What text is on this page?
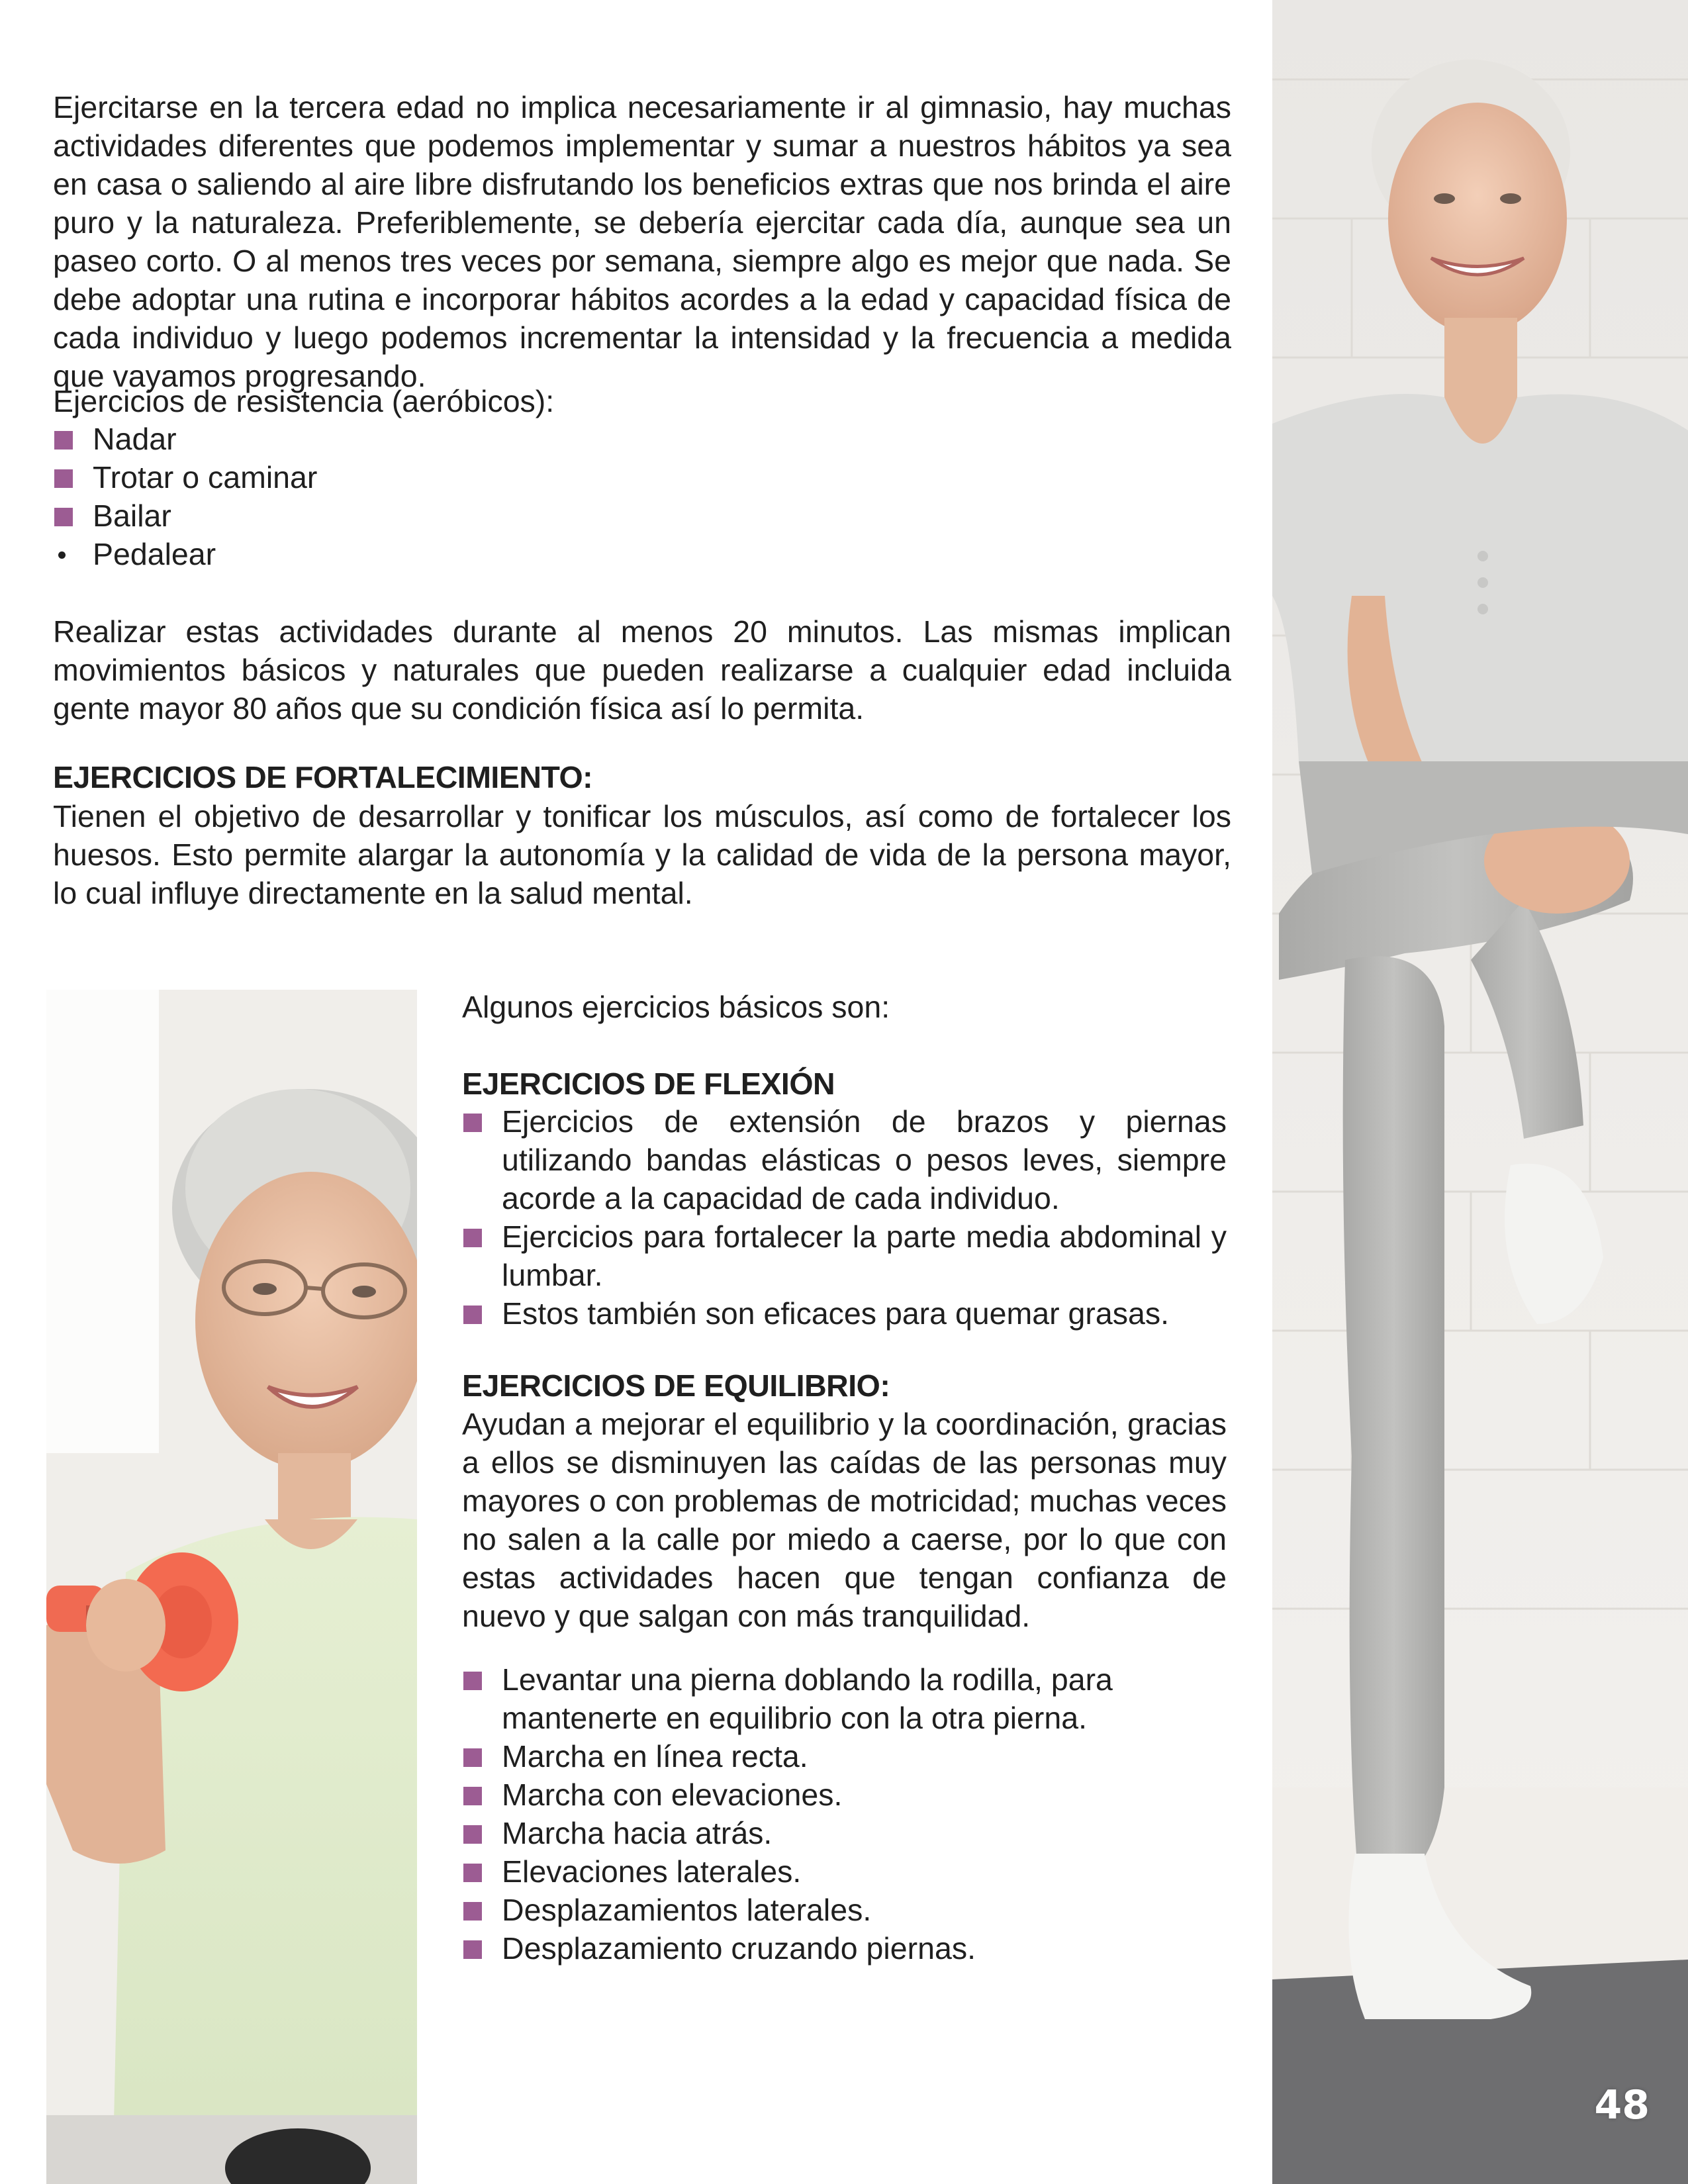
Ejercitarse en la tercera edad no implica necesariamente ir al gimnasio, hay muchas actividades diferentes que podemos implementar y sumar a nuestros hábitos ya sea en casa o saliendo al aire libre disfrutando los beneficios extras que nos brinda el aire puro y la naturaleza. Preferiblemente, se debería ejercitar cada día, aunque sea un paseo corto. O al menos tres veces por semana, siempre algo es mejor que nada. Se debe adoptar una rutina e incorporar hábitos acordes a la edad y capacidad física de cada individuo y luego podemos incrementar la intensidad y la frecuencia a medida que vayamos progresando.

Ejercicios de resistencia (aeróbicos):
Nadar
Trotar o caminar
Bailar
Pedalear

Realizar estas actividades durante al menos 20 minutos. Las mismas implican movimientos básicos y naturales que pueden realizarse a cualquier edad incluida gente mayor 80 años que su condición física así lo permita.

EJERCICIOS DE FORTALECIMIENTO:

Tienen el objetivo de desarrollar y tonificar los músculos, así como de fortalecer los huesos. Esto permite alargar la autonomía y la calidad de vida de la persona mayor, lo cual influye directamente en la salud mental.

Algunos ejercicios básicos son:
EJERCICIOS DE FLEXIÓN
Ejercicios de extensión de brazos y piernas utilizando bandas elásticas o pesos leves, siempre acorde a la capacidad de cada individuo.
Ejercicios para fortalecer la parte media abdominal y lumbar.
Estos también son eficaces para quemar grasas.
EJERCICIOS DE EQUILIBRIO:

Ayudan a mejorar el equilibrio y la coordinación, gracias a ellos se disminuyen las caídas de las personas muy mayores o con problemas de motricidad; muchas veces no salen a la calle por miedo a caerse, por lo que con estas actividades hacen que tengan confianza de nuevo y que salgan con más tranquilidad.

Levantar una pierna doblando la rodilla, para mantenerte en equilibrio con la otra pierna.
Marcha en línea recta.
Marcha con elevaciones.
Marcha hacia atrás.
Elevaciones laterales.
Desplazamientos laterales.
Desplazamiento cruzando piernas.
48
